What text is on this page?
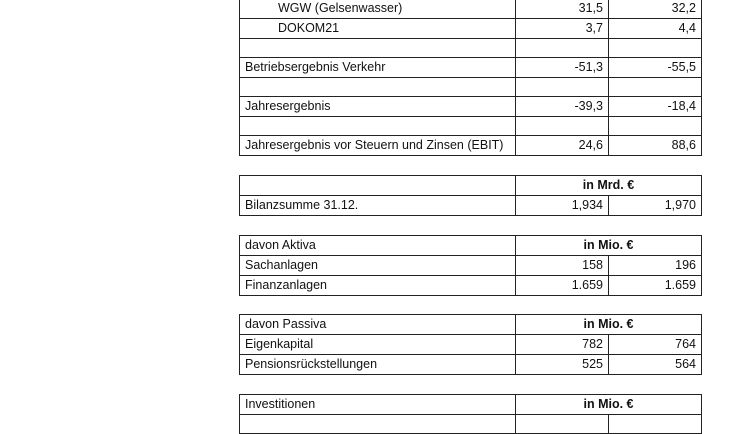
WGW (Gelsenwasser)	31,5	32,2
DOKOM21	3,7	4,4

Betriebsergebnis Verkehr	-51,3	-55,5

Jahresergebnis	-39,3	-18,4

Jahresergebnis vor Steuern und Zinsen (EBIT)	24,6	88,6
	in Mrd. €	
Bilanzsumme 31.12.	1,934	1,970
davon Aktiva	in Mio. €	
Sachanlagen	158	196
Finanzanlagen	1.659	1.659
davon Passiva	in Mio. €	
Eigenkapital	782	764
Pensionsrückstellungen	525	564
Investitionen	in Mio. €	
